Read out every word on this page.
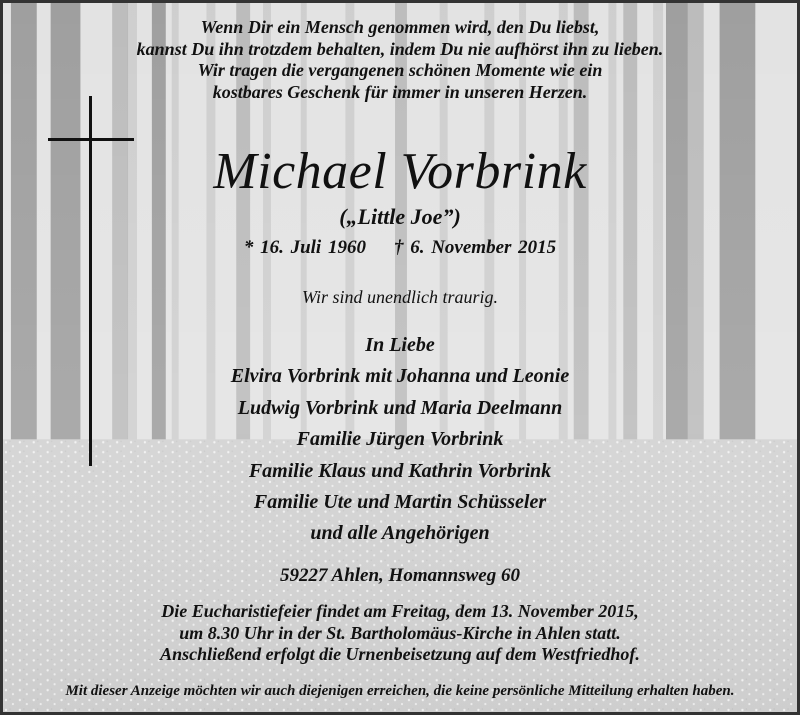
Wenn Dir ein Mensch genommen wird, den Du liebst,
kannst Du ihn trotzdem behalten, indem Du nie aufhörst ihn zu lieben.
Wir tragen die vergangenen schönen Momente wie ein
kostbares Geschenk für immer in unseren Herzen.
Michael Vorbrink
(„Little Joe”)
* 16. Juli 1960 † 6. November 2015
Wir sind unendlich traurig.
In Liebe
Elvira Vorbrink mit Johanna und Leonie
Ludwig Vorbrink und Maria Deelmann
Familie Jürgen Vorbrink
Familie Klaus und Kathrin Vorbrink
Familie Ute und Martin Schüsseler
und alle Angehörigen
59227 Ahlen, Homannsweg 60
Die Eucharistiefeier findet am Freitag, dem 13. November 2015,
um 8.30 Uhr in der St. Bartholomäus-Kirche in Ahlen statt.
Anschließend erfolgt die Urnenbeisetzung auf dem Westfriedhof.
Mit dieser Anzeige möchten wir auch diejenigen erreichen, die keine persönliche Mitteilung erhalten haben.
